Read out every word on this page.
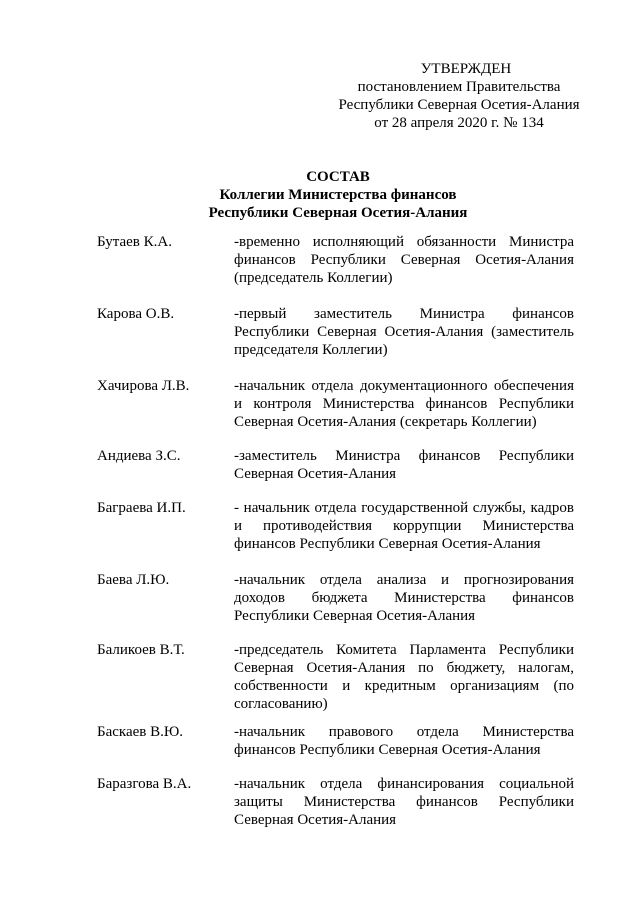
УТВЕРЖДЕН
постановлением Правительства
Республики Северная Осетия-Алания
от 28 апреля 2020 г. № 134
СОСТАВ
Коллегии Министерства финансов
Республики Северная Осетия-Алания
Бутаев К.А.	-временно исполняющий обязанности Министра финансов Республики Северная Осетия-Алания (председатель Коллегии)
Карова О.В.	-первый заместитель Министра финансов Республики Северная Осетия-Алания (заместитель председателя Коллегии)
Хачирова Л.В.	-начальник отдела документационного обеспечения и контроля Министерства финансов Республики Северная Осетия-Алания (секретарь Коллегии)
Андиева З.С.	-заместитель Министра финансов Республики Северная Осетия-Алания
Баграева И.П.	- начальник отдела государственной службы, кадров и противодействия коррупции Министерства финансов Республики Северная Осетия-Алания
Баева Л.Ю.	-начальник отдела анализа и прогнозирования доходов бюджета Министерства финансов Республики Северная Осетия-Алания
Баликоев В.Т.	-председатель Комитета Парламента Республики Северная Осетия-Алания по бюджету, налогам, собственности и кредитным организациям (по согласованию)
Баскаев В.Ю.	-начальник правового отдела Министерства финансов Республики Северная Осетия-Алания
Баразгова В.А.	-начальник отдела финансирования социальной защиты Министерства финансов Республики Северная Осетия-Алания
